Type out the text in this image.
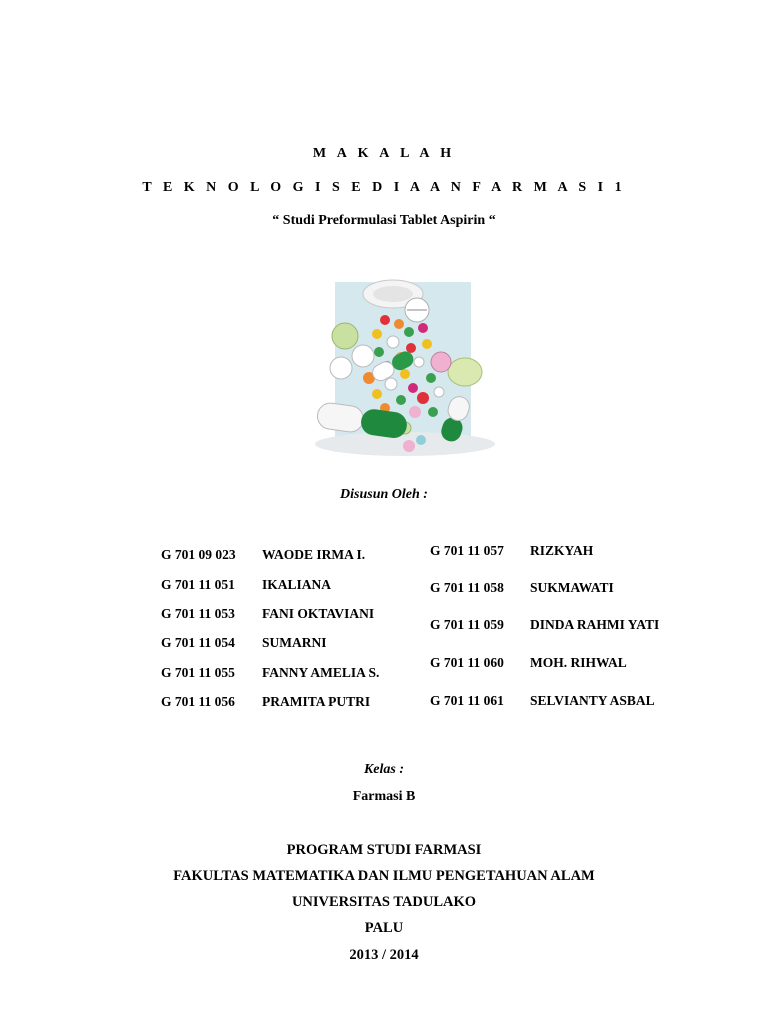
M A K A L A H
T E K N O L O G I S E D I A A N F A R M A S I 1
“ Studi Preformulasi Tablet Aspirin “
Disusun Oleh :
G 701 09 023 WAODE IRMA I.
G 701 11 051 IKALIANA
G 701 11 053 FANI OKTAVIANI
G 701 11 054 SUMARNI
G 701 11 055 FANNY AMELIA S.
G 701 11 056 PRAMITA PUTRI
G 701 11 057 RIZKYAH
G 701 11 058 SUKMAWATI
G 701 11 059 DINDA RAHMI YATI
G 701 11 060 MOH. RIHWAL
G 701 11 061 SELVIANTY ASBAL
Kelas :
Farmasi B
PROGRAM STUDI FARMASI
FAKULTAS MATEMATIKA DAN ILMU PENGETAHUAN ALAM
UNIVERSITAS TADULAKO
PALU
2013 / 2014
